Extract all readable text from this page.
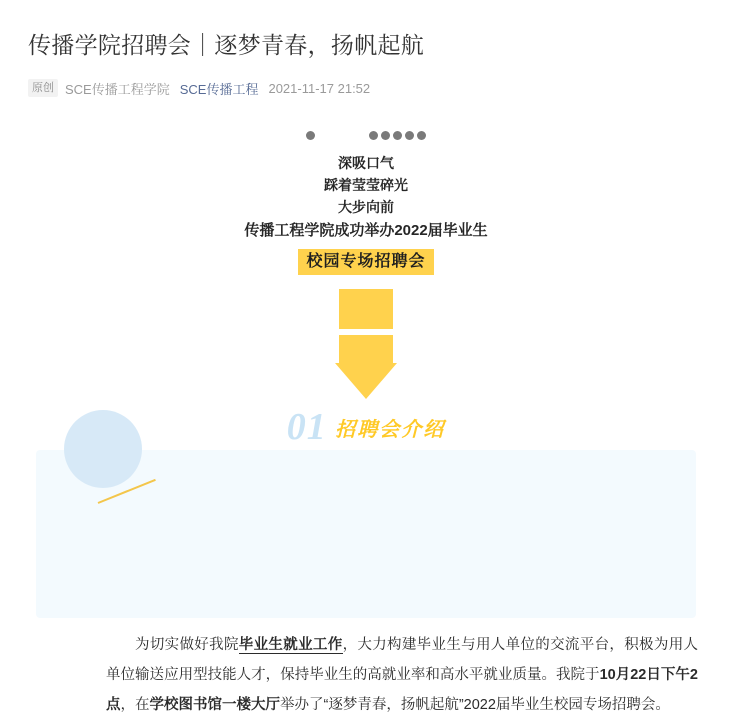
传播学院招聘会｜逐梦青春，扬帆起航
原创 SCE传播工程学院 SCE传播工程 2021-11-17 21:52
深吸口气
踩着莹莹碎光
大步向前
传播工程学院成功举办2022届毕业生
校园专场招聘会
01 招聘会介绍
为切实做好我院毕业生就业工作，大力构建毕业生与用人单位的交流平台，积极为用人单位输送应用型技能人才，保持毕业生的高就业率和高水平就业质量。我院于10月22日下午2点，在学校图书馆一楼大厅举办了“逐梦青春，扬帆起航”2022届毕业生校园专场招聘会。
